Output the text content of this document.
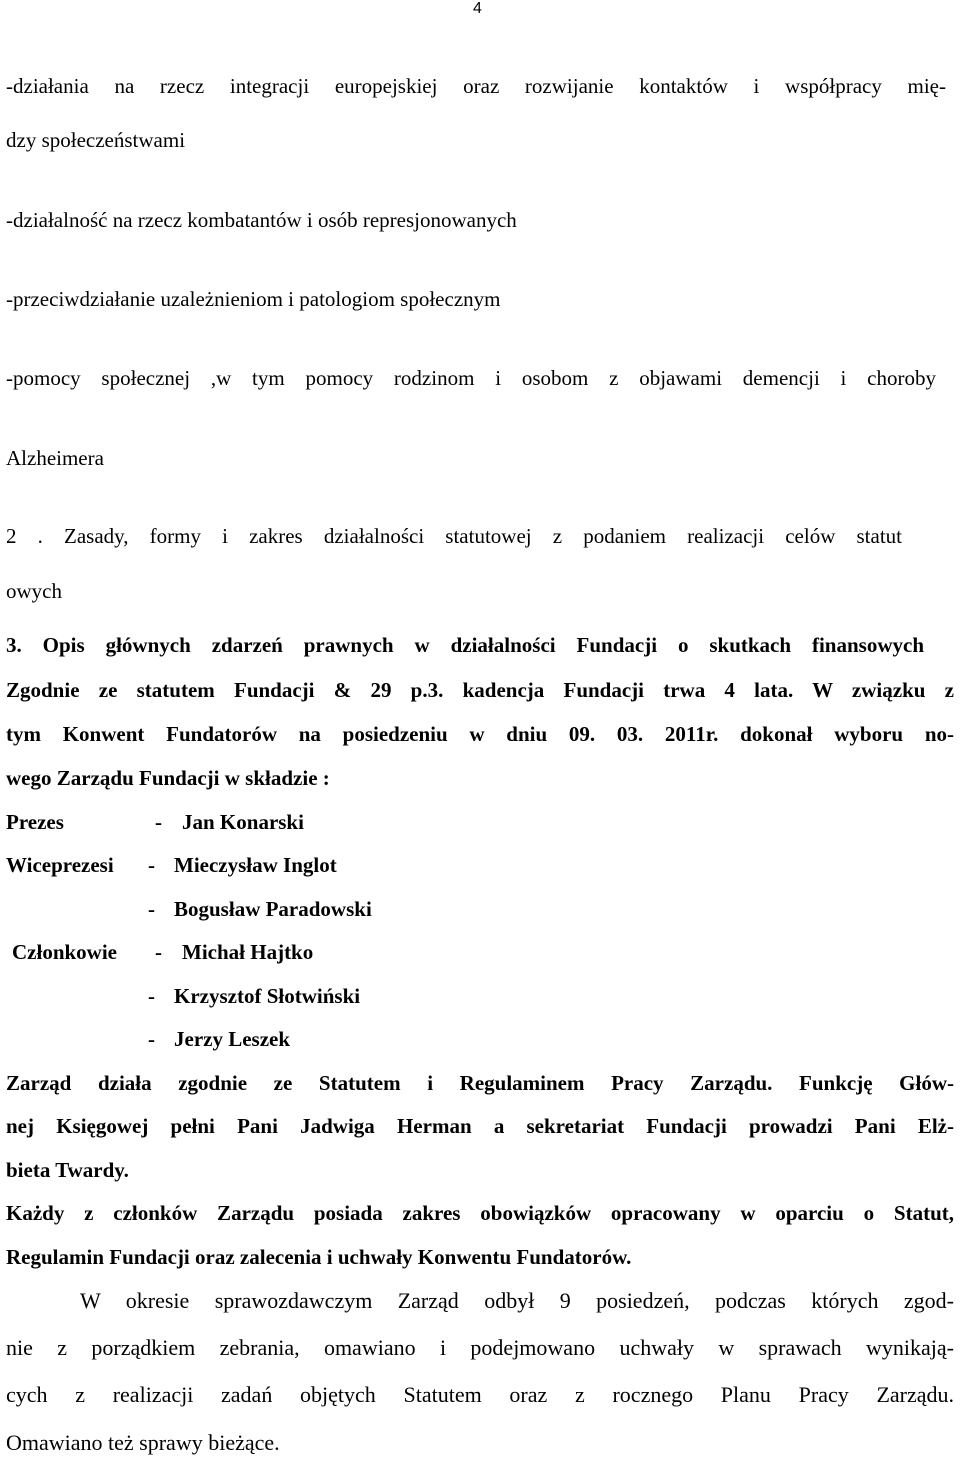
4
-działania na rzecz integracji europejskiej oraz rozwijanie kontaktów i współpracy mię-
dzy społeczeństwami
-działalność na rzecz kombatantów i osób represjonowanych
-przeciwdziałanie uzależnieniom i patologiom społecznym
-pomocy społecznej ,w tym pomocy rodzinom i osobom z objawami demencji i choroby
Alzheimera
2 . Zasady, formy i zakres działalności statutowej z podaniem realizacji celów statut
owych
3. Opis głównych zdarzeń prawnych w działalności Fundacji o skutkach finansowych
Zgodnie ze statutem Fundacji & 29 p.3. kadencja Fundacji trwa 4 lata. W związku z
tym Konwent Fundatorów na posiedzeniu w dniu 09. 03. 2011r. dokonał wyboru no-
wego Zarządu Fundacji w składzie :
Prezes	- Jan Konarski
Wiceprezesi - Mieczysław Inglot
- Bogusław Paradowski
Członkowie - Michał Hajtko
- Krzysztof Słotwiński
- Jerzy Leszek
Zarząd działa zgodnie ze Statutem i Regulaminem Pracy Zarządu. Funkcję Głów-
nej Księgowej pełni Pani Jadwiga Herman a sekretariat Fundacji prowadzi Pani Elż-
bieta Twardy.
Każdy z członków Zarządu posiada zakres obowiązków opracowany w oparciu o Statut,
Regulamin Fundacji oraz zalecenia i uchwały Konwentu Fundatorów.
W okresie sprawozdawczym Zarząd odbył 9 posiedzeń, podczas których zgod-
nie z porządkiem zebrania, omawiano i podejmowano uchwały w sprawach wynikają-
cych z realizacji zadań objętych Statutem oraz z rocznego Planu Pracy Zarządu.
Omawiano też sprawy bieżące.
